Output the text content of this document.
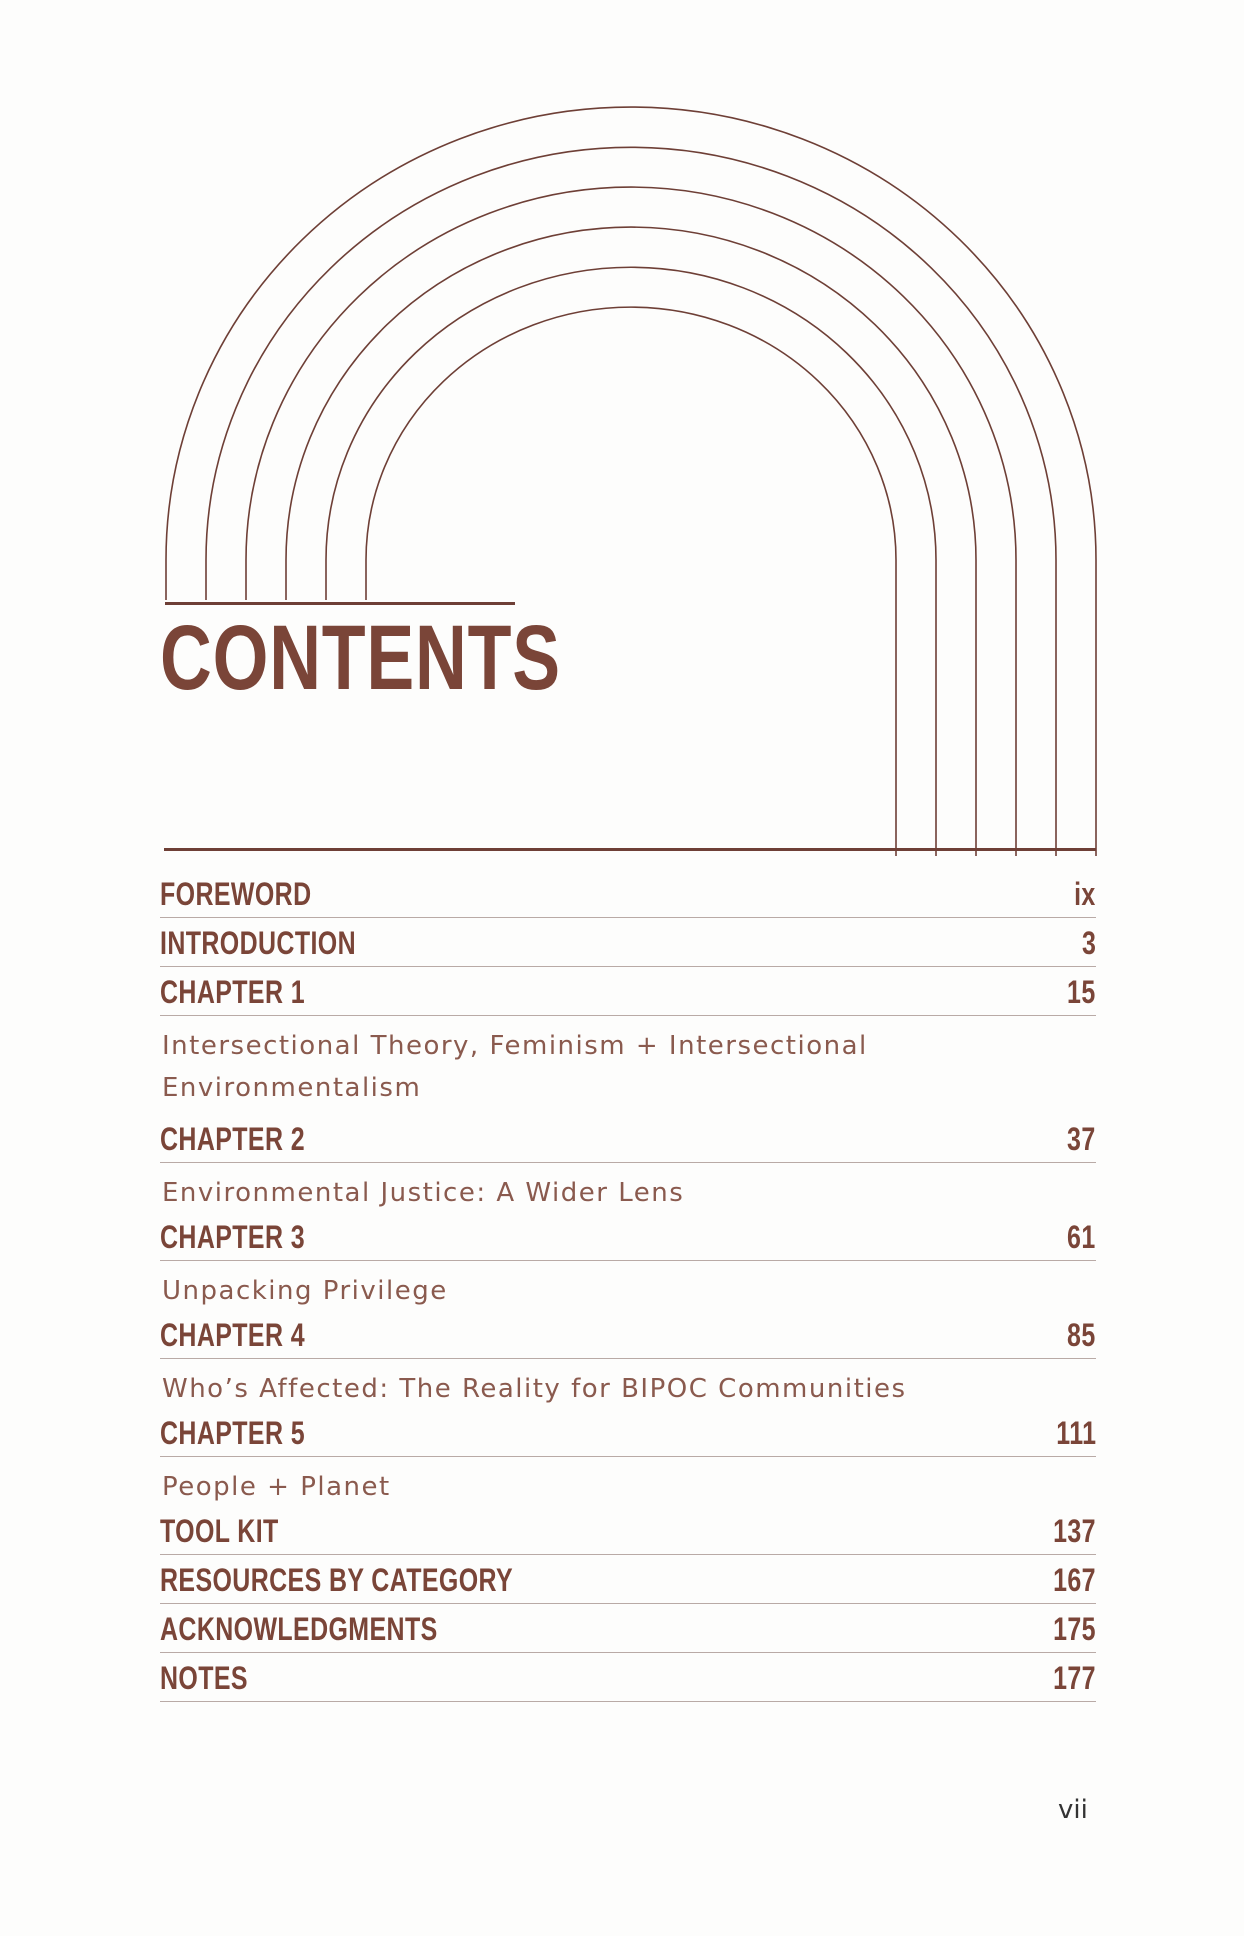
CONTENTS
FOREWORD	ix
INTRODUCTION	3
CHAPTER 1	15
Intersectional Theory, Feminism + Intersectional Environmentalism
CHAPTER 2	37
Environmental Justice: A Wider Lens
CHAPTER 3	61
Unpacking Privilege
CHAPTER 4	85
Who’s Affected: The Reality for BIPOC Communities
CHAPTER 5	111
People + Planet
TOOL KIT	137
RESOURCES BY CATEGORY	167
ACKNOWLEDGMENTS	175
NOTES	177
vii
